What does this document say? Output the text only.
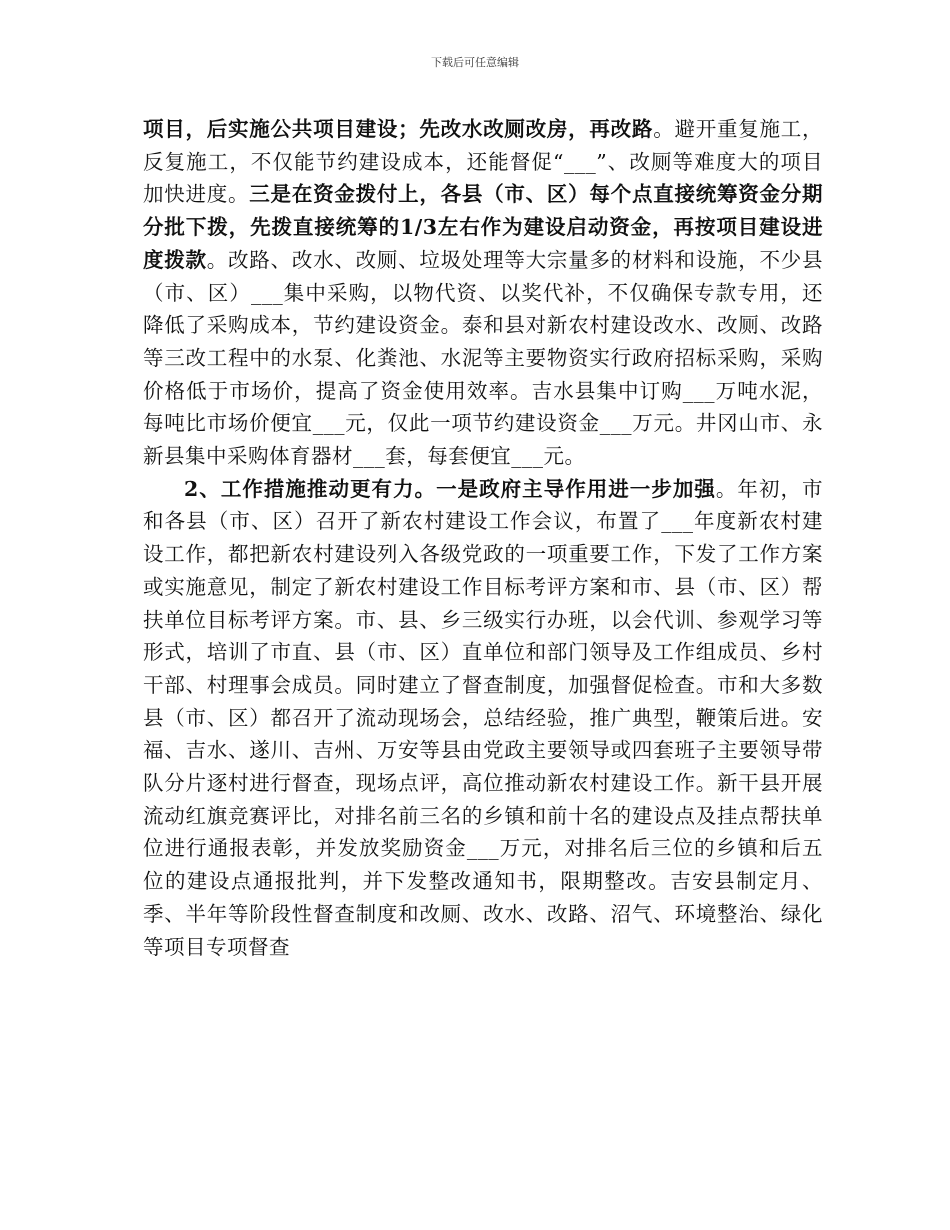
下载后可任意编辑

项目，后实施公共项目建设；先改水改厕改房，再改路。避开重复施工，反复施工，不仅能节约建设成本，还能督促“___”、改厕等难度大的项目加快进度。三是在资金拨付上，各县（市、区）每个点直接统筹资金分期分批下拨，先拨直接统筹的1/3左右作为建设启动资金，再按项目建设进度拨款。改路、改水、改厕、垃圾处理等大宗量多的材料和设施，不少县（市、区）___集中采购，以物代资、以奖代补，不仅确保专款专用，还降低了采购成本，节约建设资金。泰和县对新农村建设改水、改厕、改路等三改工程中的水泵、化粪池、水泥等主要物资实行政府招标采购，采购价格低于市场价，提高了资金使用效率。吉水县集中订购___万吨水泥，每吨比市场价便宜___元，仅此一项节约建设资金___万元。井冈山市、永新县集中采购体育器材___套，每套便宜___元。

2、工作措施推动更有力。一是政府主导作用进一步加强。年初，市和各县（市、区）召开了新农村建设工作会议，布置了___年度新农村建设工作，都把新农村建设列入各级党政的一项重要工作，下发了工作方案或实施意见，制定了新农村建设工作目标考评方案和市、县（市、区）帮扶单位目标考评方案。市、县、乡三级实行办班，以会代训、参观学习等形式，培训了市直、县（市、区）直单位和部门领导及工作组成员、乡村干部、村理事会成员。同时建立了督查制度，加强督促检查。市和大多数县（市、区）都召开了流动现场会，总结经验，推广典型，鞭策后进。安福、吉水、遂川、吉州、万安等县由党政主要领导或四套班子主要领导带队分片逐村进行督查，现场点评，高位推动新农村建设工作。新干县开展流动红旗竞赛评比，对排名前三名的乡镇和前十名的建设点及挂点帮扶单位进行通报表彰，并发放奖励资金___万元，对排名后三位的乡镇和后五位的建设点通报批判，并下发整改通知书，限期整改。吉安县制定月、季、半年等阶段性督查制度和改厕、改水、改路、沼气、环境整治、绿化等项目专项督查
